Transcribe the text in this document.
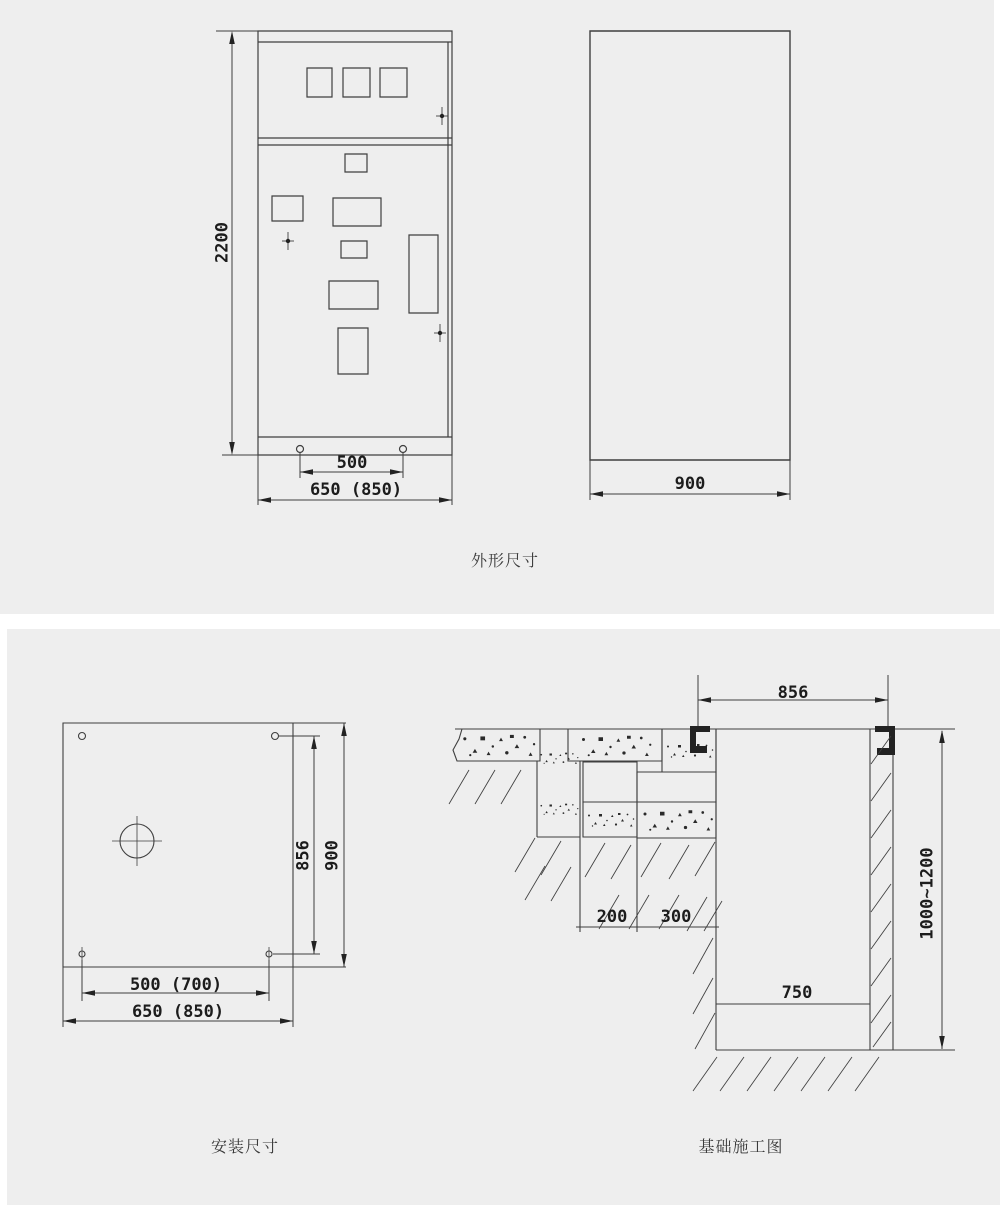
2200
500
650 (850)	900
外形尺寸
856 900
500 (700)
650 (850)
安装尺寸
856
200	300
750
1000~1200
基础施工图
